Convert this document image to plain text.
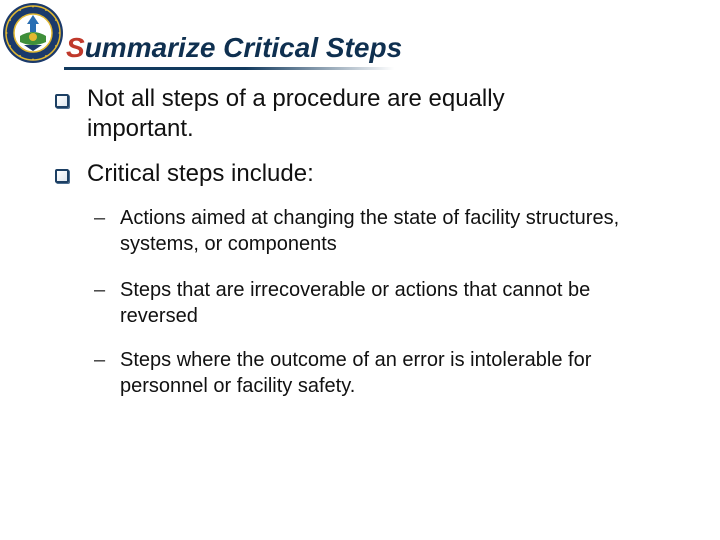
Summarize Critical Steps
Not all steps of a procedure are equally important.
Critical steps include:
– Actions aimed at changing the state of facility structures, systems, or components
– Steps that are irrecoverable or actions that cannot be reversed
– Steps where the outcome of an error is intolerable for personnel or facility safety.
